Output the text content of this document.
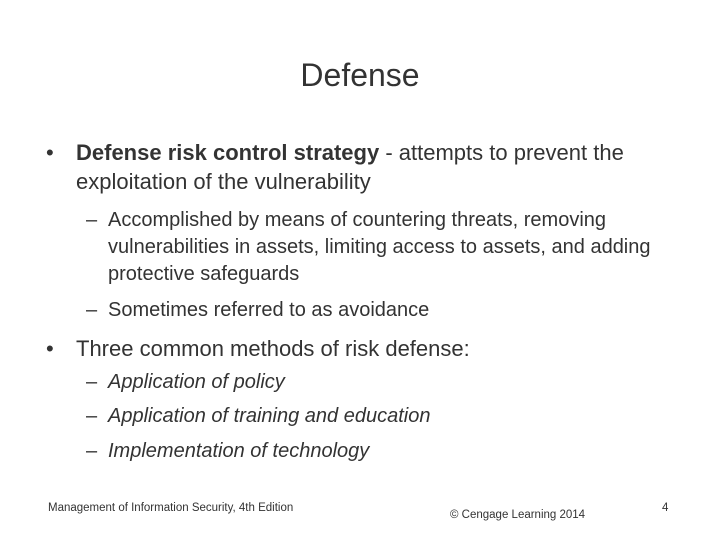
Defense
• Defense risk control strategy - attempts to prevent the exploitation of the vulnerability
– Accomplished by means of countering threats, removing vulnerabilities in assets, limiting access to assets, and adding protective safeguards
– Sometimes referred to as avoidance
• Three common methods of risk defense:
– Application of policy
– Application of training and education
– Implementation of technology
Management of Information Security, 4th Edition
© Cengage Learning 2014
4
